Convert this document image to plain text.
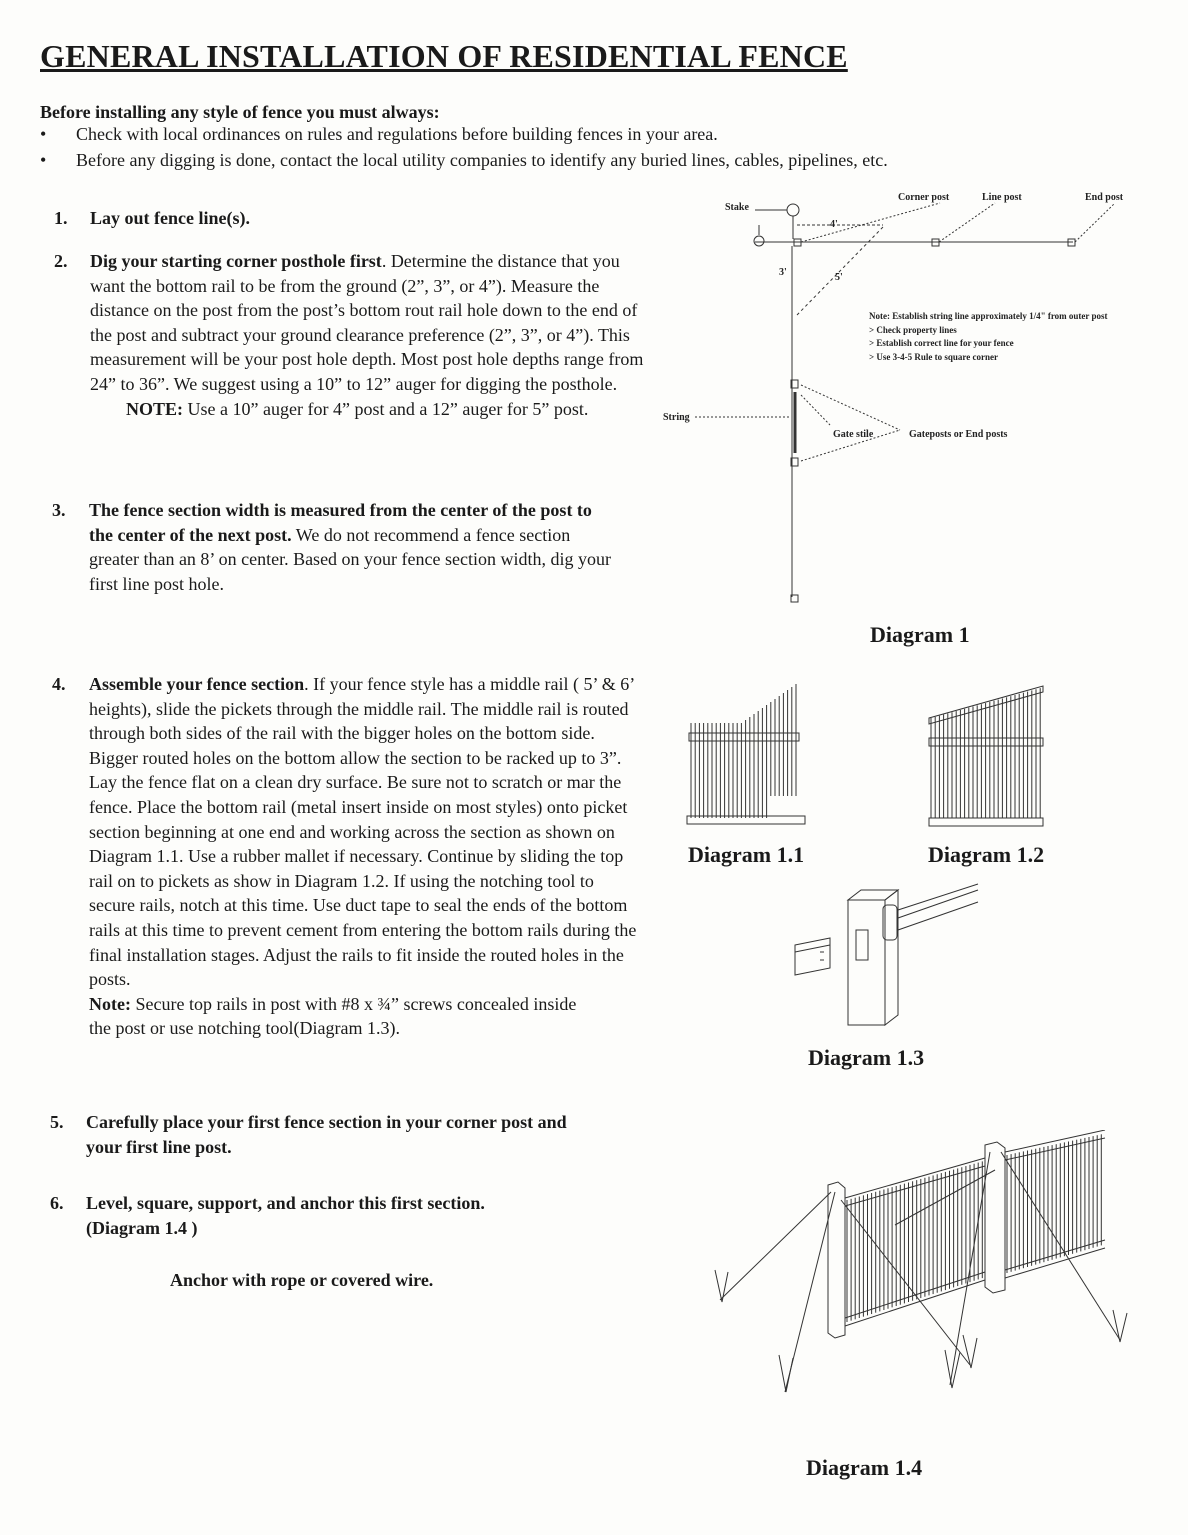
GENERAL INSTALLATION OF RESIDENTIAL FENCE
Before installing any style of fence you must always:
• Check with local ordinances on rules and regulations before building fences in your area.
• Before any digging is done, contact the local utility companies to identify any buried lines, cables, pipelines, etc.
1. Lay out fence line(s).
2. Dig your starting corner posthole first. Determine the distance that you want the bottom rail to be from the ground (2”, 3”, or 4”). Measure the distance on the post from the post’s bottom rout rail hole down to the end of the post and subtract your ground clearance preference (2”, 3”, or 4”). This measurement will be your post hole depth. Most post hole depths range from 24” to 36”. We suggest using a 10” to 12” auger for digging the posthole.
NOTE: Use a 10” auger for 4” post and a 12” auger for 5” post.
3. The fence section width is measured from the center of the post to the center of the next post. We do not recommend a fence section greater than an 8’ on center. Based on your fence section width, dig your first line post hole.
4. Assemble your fence section. If your fence style has a middle rail ( 5’ & 6’ heights), slide the pickets through the middle rail. The middle rail is routed through both sides of the rail with the bigger holes on the bottom side. Bigger routed holes on the bottom allow the section to be racked up to 3”. Lay the fence flat on a clean dry surface. Be sure not to scratch or mar the fence. Place the bottom rail (metal insert inside on most styles) onto picket section beginning at one end and working across the section as shown on Diagram 1.1. Use a rubber mallet if necessary. Continue by sliding the top rail on to pickets as show in Diagram 1.2. If using the notching tool to secure rails, notch at this time. Use duct tape to seal the ends of the bottom rails at this time to prevent cement from entering the bottom rails during the final installation stages. Adjust the rails to fit inside the routed holes in the posts.
Note: Secure top rails in post with #8 x ¾” screws concealed inside the post or use notching tool(Diagram 1.3).
5. Carefully place your first fence section in your corner post and your first line post.
6. Level, square, support, and anchor this first section.(Diagram 1.4 )
Anchor with rope or covered wire.
Stake
Corner post	Line post	End post
4'
3'	5'
String
Gate stile	Gateposts or End posts
Note: Establish string line approximately 1/4" from outer post
> Check property lines
> Establish correct line for your fence
> Use 3-4-5 Rule to square corner
Diagram 1
Diagram 1.1	Diagram 1.2
Diagram 1.3
Diagram 1.4
